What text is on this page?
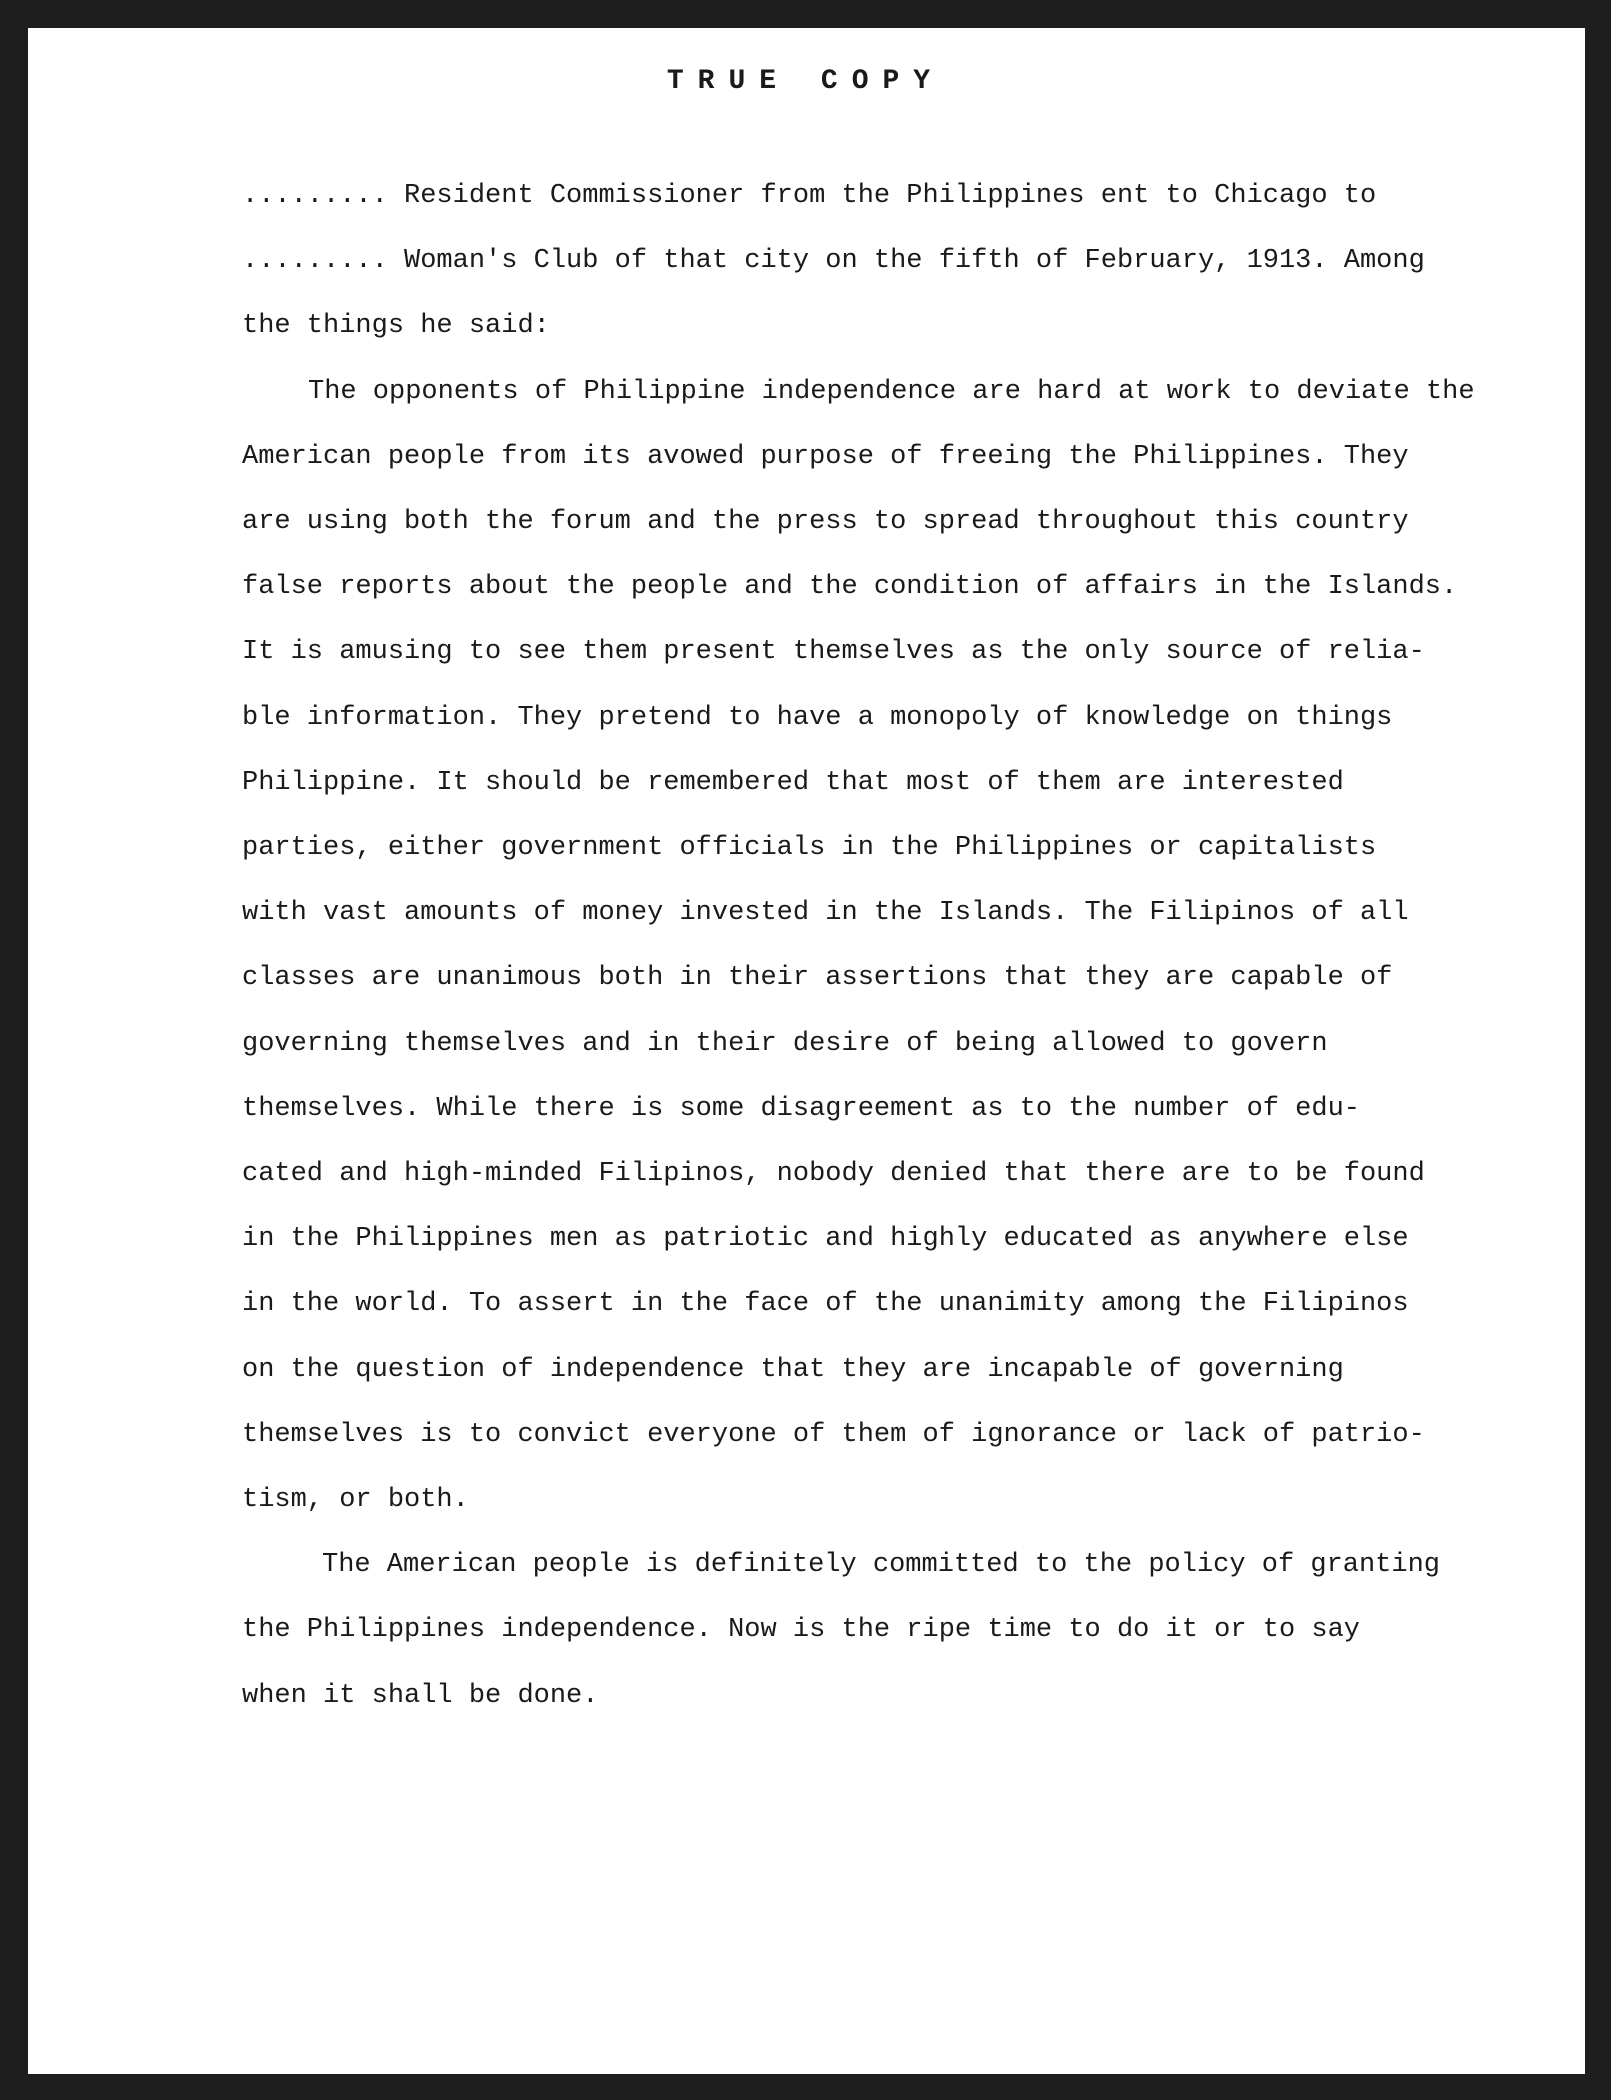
TRUE COPY
......... Resident Commissioner from the Philippines ent to Chicago to
......... Woman's Club of that city on the fifth of February, 1913. Among
the things he said:
The opponents of Philippine independence are hard at work to deviate the
American people from its avowed purpose of freeing the Philippines. They
are using both the forum and the press to spread throughout this country
false reports about the people and the condition of affairs in the Islands.
It is amusing to see them present themselves as the only source of relia-
ble information. They pretend to have a monopoly of knowledge on things
Philippine. It should be remembered that most of them are interested
parties, either government officials in the Philippines or capitalists
with vast amounts of money invested in the Islands. The Filipinos of all
classes are unanimous both in their assertions that they are capable of
governing themselves and in their desire of being allowed to govern
themselves. While there is some disagreement as to the number of edu-
cated and high-minded Filipinos, nobody denied that there are to be found
in the Philippines men as patriotic and highly educated as anywhere else
in the world. To assert in the face of the unanimity among the Filipinos
on the question of independence that they are incapable of governing
themselves is to convict everyone of them of ignorance or lack of patrio-
tism, or both.
The American people is definitely committed to the policy of granting
the Philippines independence. Now is the ripe time to do it or to say
when it shall be done.
